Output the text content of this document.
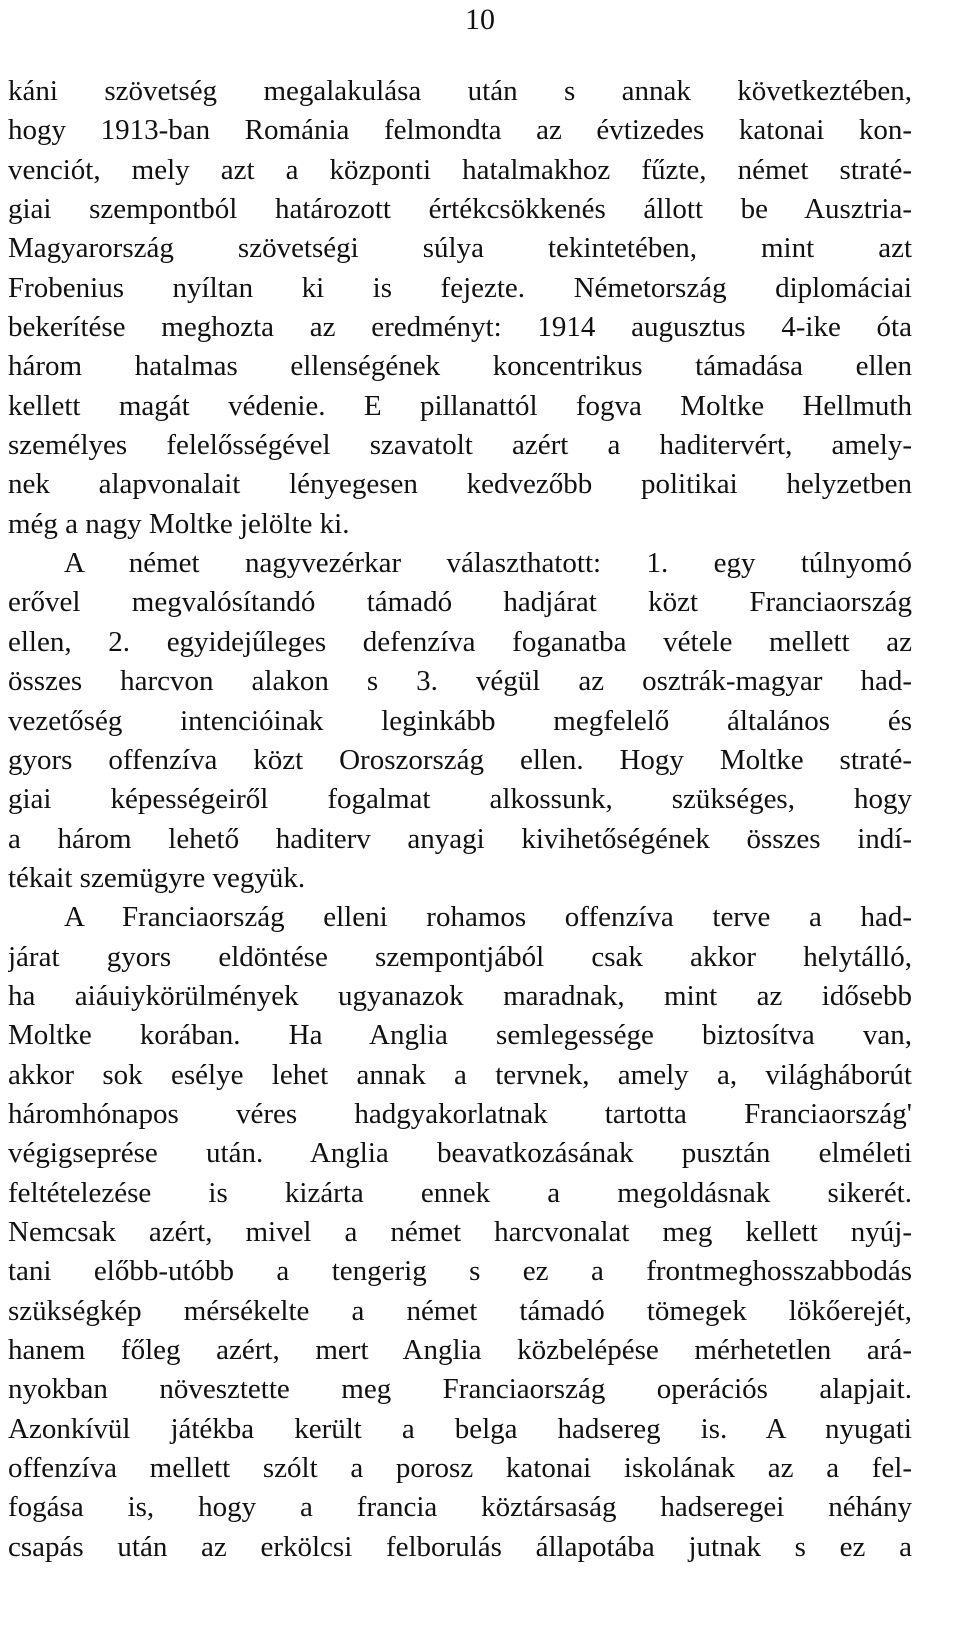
10
káni szövetség megalakulása után s annak következtében,
hogy 1913-ban Románia felmondta az évtizedes katonai kon-
venciót, mely azt a központi hatalmakhoz fűzte, német straté-
giai szempontból határozott értékcsökkenés állott be Ausztria-
Magyarország szövetségi súlya tekintetében, mint azt
Frobenius nyíltan ki is fejezte. Németország diplomáciai
bekerítése meghozta az eredményt: 1914 augusztus 4-ike óta
három hatalmas ellenségének koncentrikus támadása ellen
kellett magát védenie. E pillanattól fogva Moltke Hellmuth
személyes felelősségével szavatolt azért a haditervért, amely-
nek alapvonalait lényegesen kedvezőbb politikai helyzetben
még a nagy Moltke jelölte ki.
A német nagyvezérkar választhatott: 1. egy túlnyomó
erővel megvalósítandó támadó hadjárat közt Franciaország
ellen, 2. egyidejűleges defenzíva foganatba vétele mellett az
összes harcvon alakon s 3. végül az osztrák-magyar had-
vezetőség intencióinak leginkább megfelelő általános és
gyors offenzíva közt Oroszország ellen. Hogy Moltke straté-
giai képességeiről fogalmat alkossunk, szükséges, hogy
a három lehető haditerv anyagi kivihetőségének összes indí-
tékait szemügyre vegyük.
A Franciaország elleni rohamos offenzíva terve a had-
járat gyors eldöntése szempontjából csak akkor helytálló,
ha aiáuiykörülmények ugyanazok maradnak, mint az idősebb
Moltke korában. Ha Anglia semlegessége biztosítva van,
akkor sok esélye lehet annak a tervnek, amely a, világháborút
háromhónapos véres hadgyakorlatnak tartotta Franciaország'
végigseprése után. Anglia beavatkozásának pusztán elméleti
feltételezése is kizárta ennek a megoldásnak sikerét.
Nemcsak azért, mivel a német harcvonalat meg kellett nyúj-
tani előbb-utóbb a tengerig s ez a frontmeghosszabbodás
szükségkép mérsékelte a német támadó tömegek lökőerejét,
hanem főleg azért, mert Anglia közbelépése mérhetetlen ará-
nyokban növesztette meg Franciaország operációs alapjait.
Azonkívül játékba került a belga hadsereg is. A nyugati
offenzíva mellett szólt a porosz katonai iskolának az a fel-
fogása is, hogy a francia köztársaság hadseregei néhány
csapás után az erkölcsi felborulás állapotába jutnak s ez a
